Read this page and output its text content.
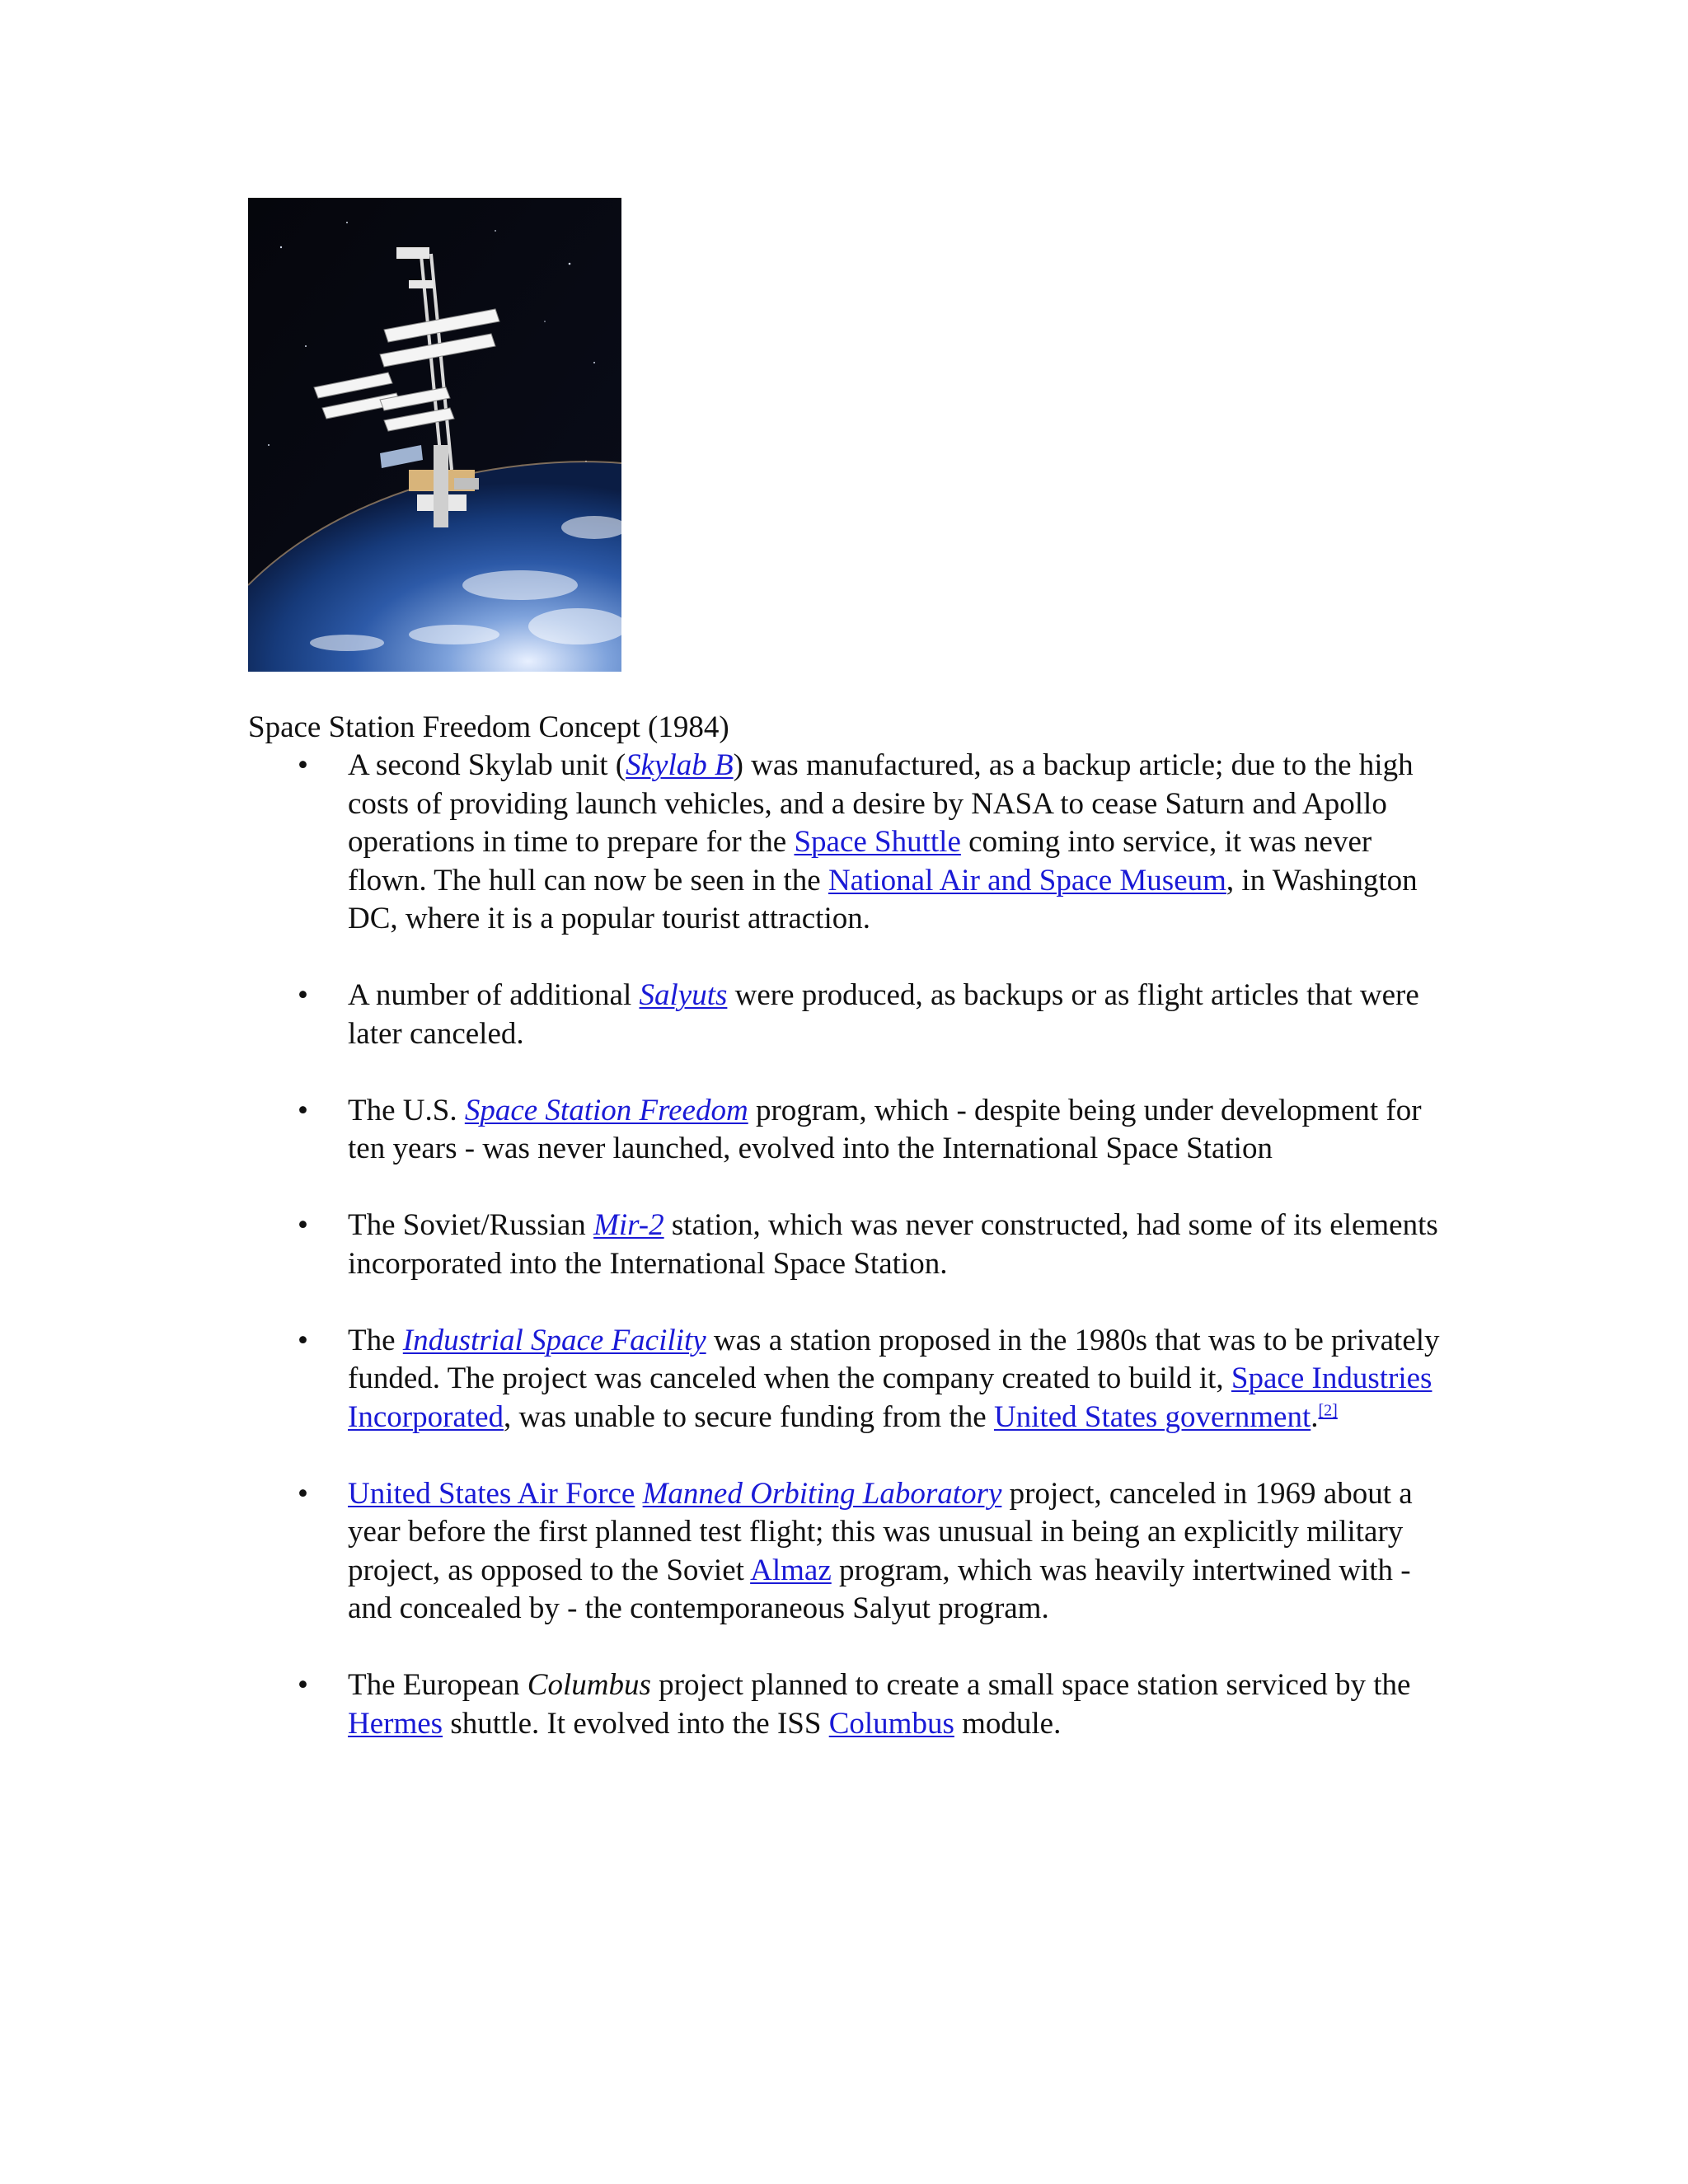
Space Station Freedom Concept (1984)
• A second Skylab unit (Skylab B) was manufactured, as a backup article; due to the high costs of providing launch vehicles, and a desire by NASA to cease Saturn and Apollo operations in time to prepare for the Space Shuttle coming into service, it was never flown. The hull can now be seen in the National Air and Space Museum, in Washington DC, where it is a popular tourist attraction.
• A number of additional Salyuts were produced, as backups or as flight articles that were later canceled.
• The U.S. Space Station Freedom program, which - despite being under development for ten years - was never launched, evolved into the International Space Station
• The Soviet/Russian Mir-2 station, which was never constructed, had some of its elements incorporated into the International Space Station.
• The Industrial Space Facility was a station proposed in the 1980s that was to be privately funded. The project was canceled when the company created to build it, Space Industries Incorporated, was unable to secure funding from the United States government.[2]
• United States Air Force Manned Orbiting Laboratory project, canceled in 1969 about a year before the first planned test flight; this was unusual in being an explicitly military project, as opposed to the Soviet Almaz program, which was heavily intertwined with - and concealed by - the contemporaneous Salyut program.
• The European Columbus project planned to create a small space station serviced by the Hermes shuttle. It evolved into the ISS Columbus module.
